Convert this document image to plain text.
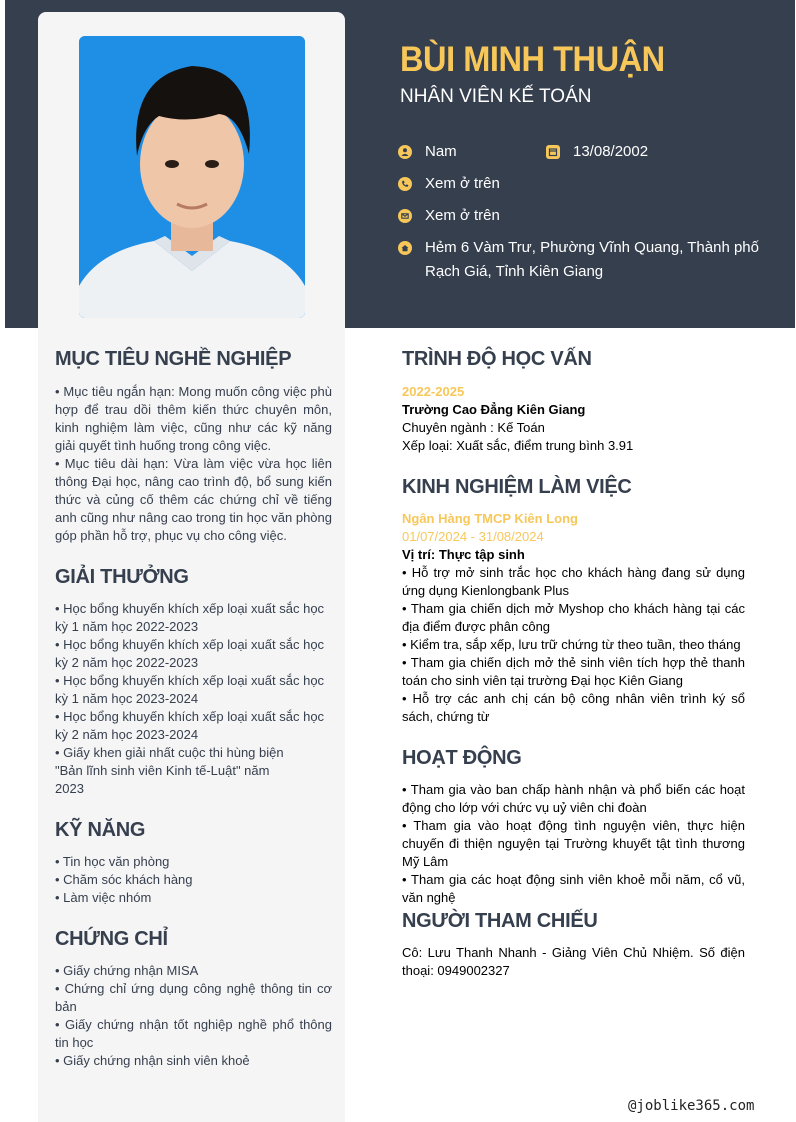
BÙI MINH THUẬN
NHÂN VIÊN KẾ TOÁN
Nam	13/08/2002
Xem ở trên
Xem ở trên
Hẻm 6 Vàm Trư, Phường Vĩnh Quang, Thành phố Rạch Giá, Tỉnh Kiên Giang
MỤC TIÊU NGHỀ NGHIỆP
• Mục tiêu ngắn hạn: Mong muốn công việc phù hợp để trau dồi thêm kiến thức chuyên môn, kinh nghiệm làm việc, cũng như các kỹ năng giải quyết tình huống trong công việc.
• Mục tiêu dài hạn: Vừa làm việc vừa học liên thông Đại học, nâng cao trình độ, bổ sung kiến thức và củng cố thêm các chứng chỉ về tiếng anh cũng như nâng cao trong tin học văn phòng góp phần hỗ trợ, phục vụ cho công việc.
GIẢI THƯỞNG
• Học bổng khuyến khích xếp loại xuất sắc học kỳ 1 năm học 2022-2023
• Học bổng khuyến khích xếp loại xuất sắc học kỳ 2 năm học 2022-2023
• Học bổng khuyến khích xếp loại xuất sắc học kỳ 1 năm học 2023-2024
• Học bổng khuyến khích xếp loại xuất sắc học kỳ 2 năm học 2023-2024
• Giấy khen giải nhất cuộc thi hùng biện
"Bản lĩnh sinh viên Kinh tế-Luật" năm
2023
KỸ NĂNG
• Tin học văn phòng
• Chăm sóc khách hàng
• Làm việc nhóm
CHỨNG CHỈ
• Giấy chứng nhận MISA
• Chứng chỉ ứng dụng công nghệ thông tin cơ bản
• Giấy chứng nhận tốt nghiệp nghề phổ thông tin học
• Giấy chứng nhận sinh viên khoẻ
TRÌNH ĐỘ HỌC VẤN
2022-2025
Trường Cao Đẳng Kiên Giang
Chuyên ngành : Kế Toán
Xếp loại: Xuất sắc, điểm trung bình 3.91
KINH NGHIỆM LÀM VIỆC
Ngân Hàng TMCP Kiên Long
01/07/2024 - 31/08/2024
Vị trí: Thực tập sinh
• Hỗ trợ mở sinh trắc học cho khách hàng đang sử dụng ứng dụng Kienlongbank Plus
• Tham gia chiến dịch mở Myshop cho khách hàng tại các địa điểm được phân công
• Kiểm tra, sắp xếp, lưu trữ chứng từ theo tuần, theo tháng
• Tham gia chiến dịch mở thẻ sinh viên tích hợp thẻ thanh toán cho sinh viên tại trường Đại học Kiên Giang
• Hỗ trợ các anh chị cán bộ công nhân viên trình ký sổ sách, chứng từ
HOẠT ĐỘNG
• Tham gia vào ban chấp hành nhận và phổ biến các hoạt động cho lớp với chức vụ uỷ viên chi đoàn
• Tham gia vào hoạt động tình nguyện viên, thực hiện chuyến đi thiện nguyện tại Trường khuyết tật tình thương Mỹ Lâm
• Tham gia các hoạt động sinh viên khoẻ mỗi năm, cổ vũ, văn nghệ
NGƯỜI THAM CHIẾU
Cô: Lưu Thanh Nhanh - Giảng Viên Chủ Nhiệm. Số điện thoại: 0949002327
@joblike365.com
